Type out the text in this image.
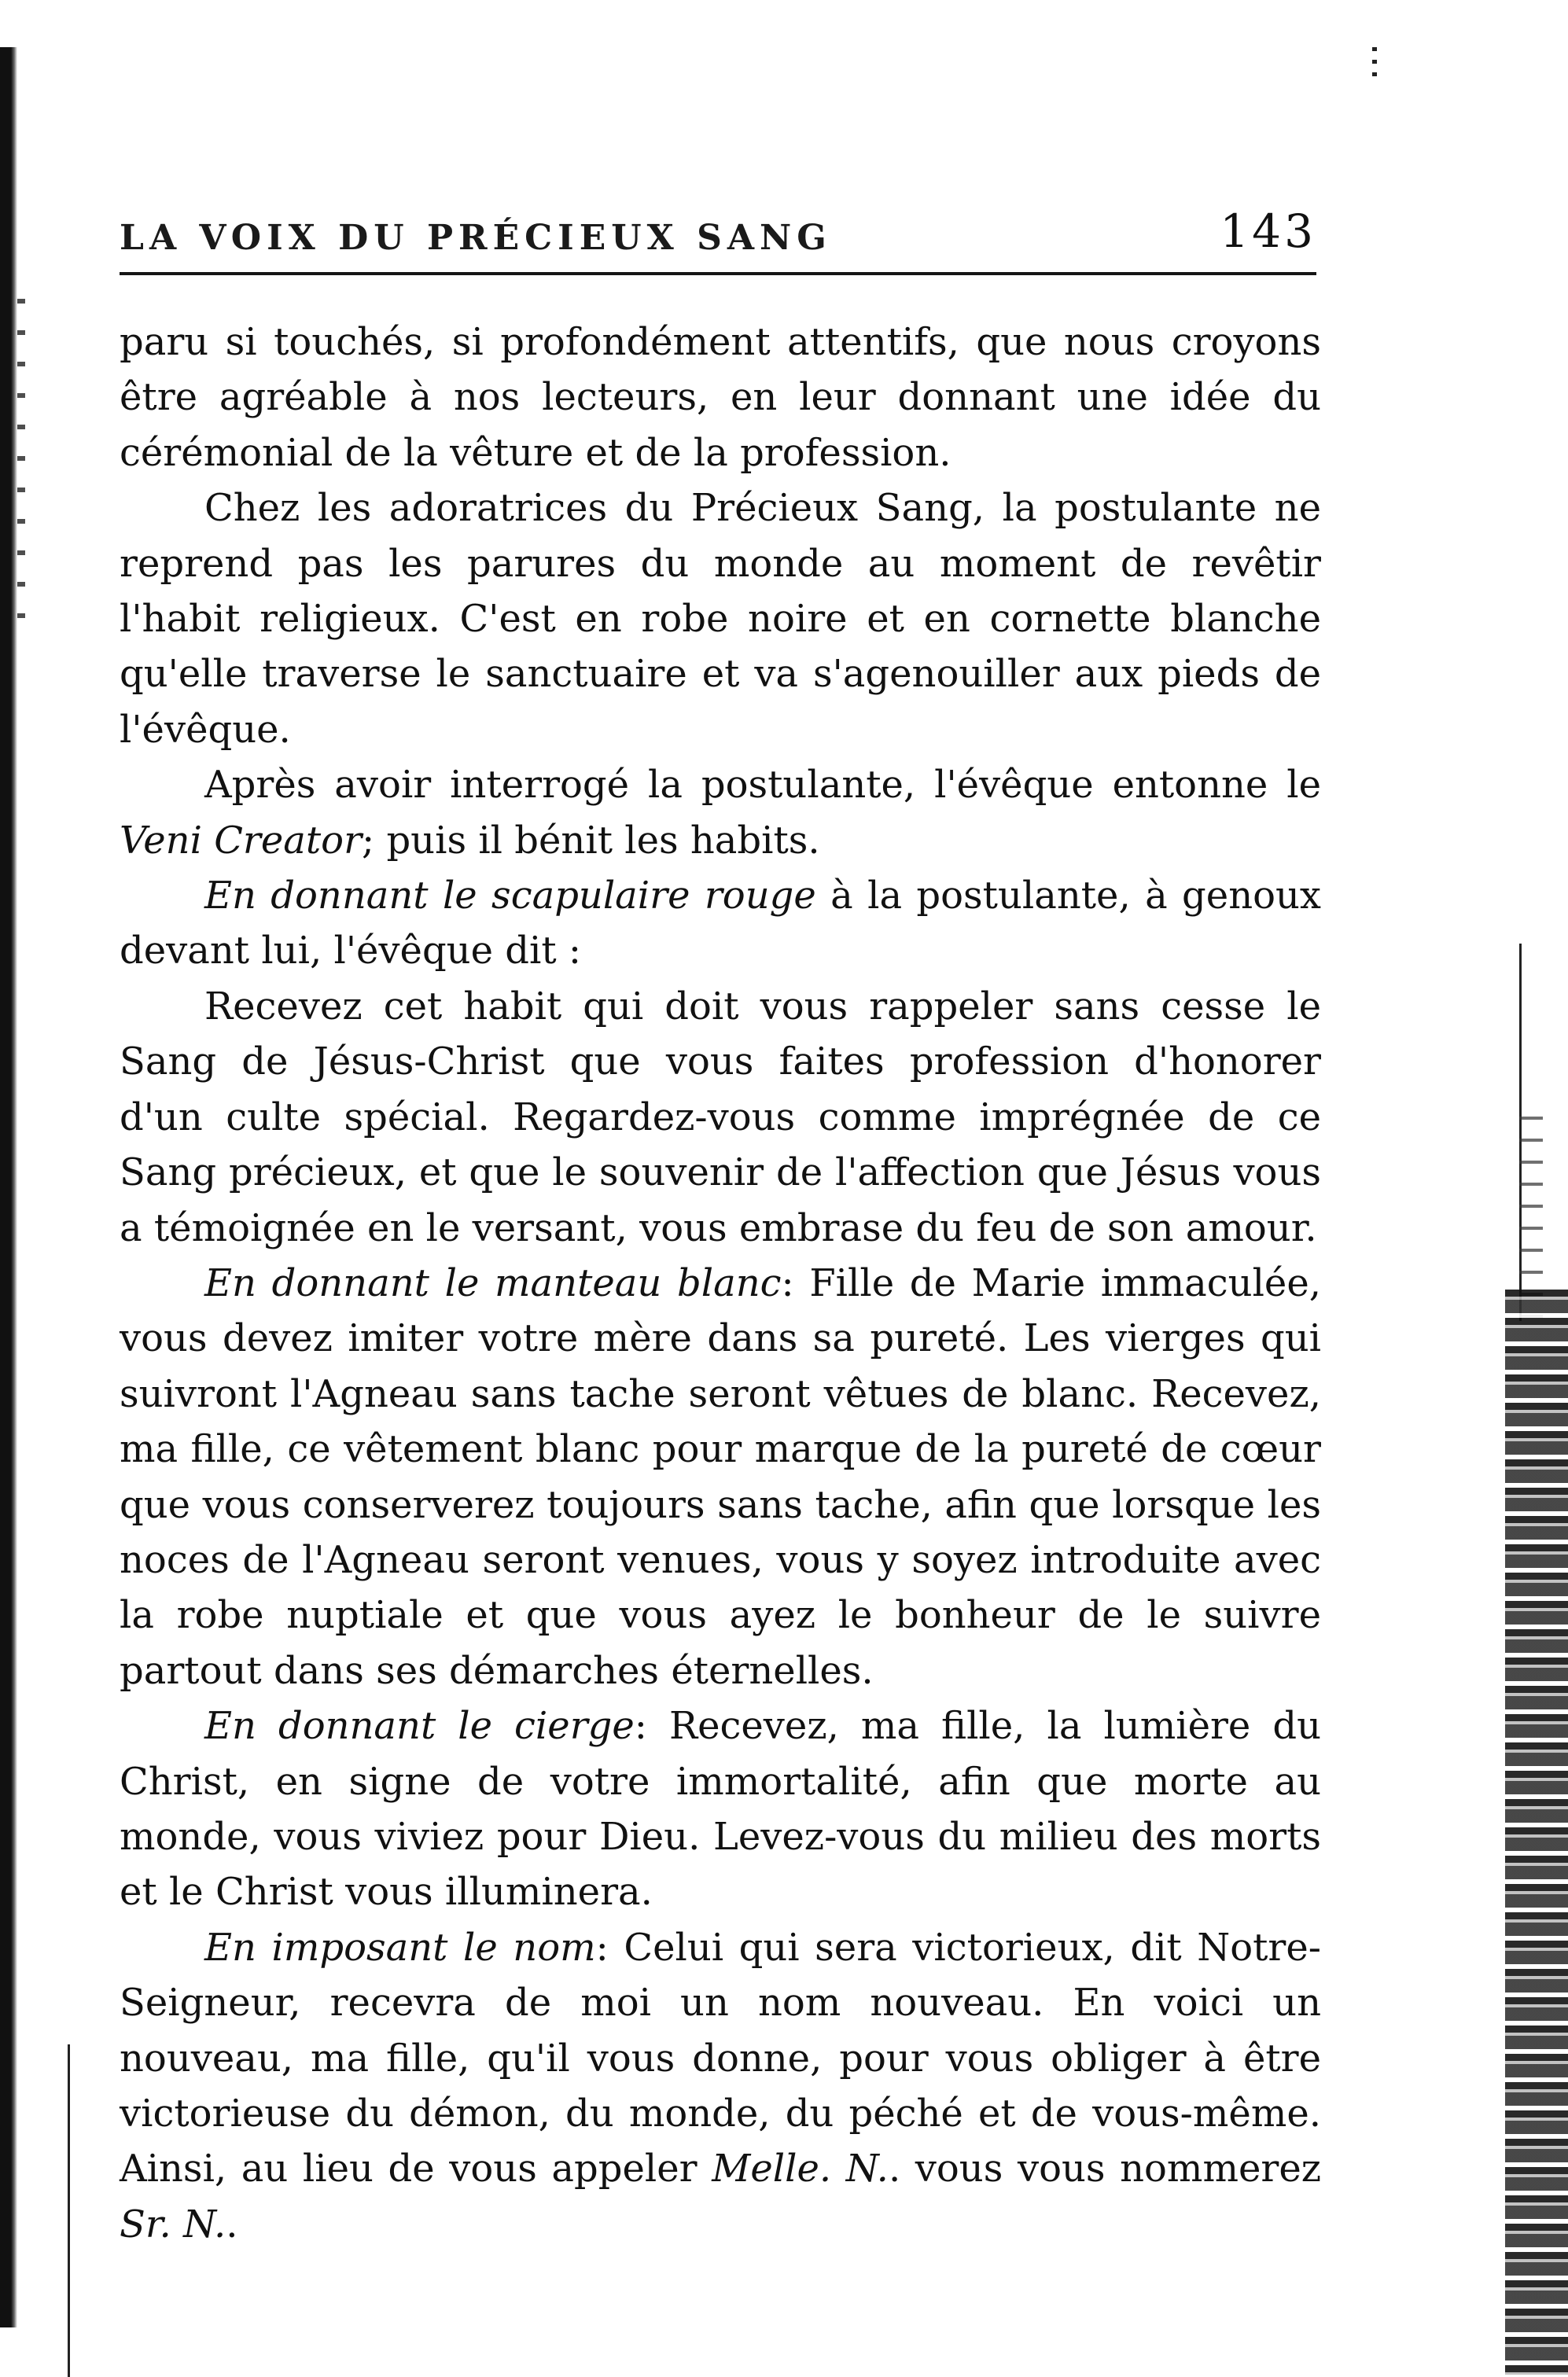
LA VOIX DU PRÉCIEUX SANG	143

paru si touchés, si profondément attentifs, que nous croyons être agréable à nos lecteurs, en leur donnant une idée du cérémonial de la vêture et de la profession.

Chez les adoratrices du Précieux Sang, la postulante ne reprend pas les parures du monde au moment de revêtir l'habit religieux. C'est en robe noire et en cornette blanche qu'elle traverse le sanctuaire et va s'agenouiller aux pieds de l'évêque.

Après avoir interrogé la postulante, l'évêque entonne le Veni Creator; puis il bénit les habits.

En donnant le scapulaire rouge à la postulante, à genoux devant lui, l'évêque dit :

Recevez cet habit qui doit vous rappeler sans cesse le Sang de Jésus-Christ que vous faites profession d'honorer d'un culte spécial. Regardez-vous comme imprégnée de ce Sang précieux, et que le souvenir de l'affection que Jésus vous a témoignée en le versant, vous embrase du feu de son amour.

En donnant le manteau blanc: Fille de Marie immaculée, vous devez imiter votre mère dans sa pureté. Les vierges qui suivront l'Agneau sans tache seront vêtues de blanc. Recevez, ma fille, ce vêtement blanc pour marque de la pureté de cœur que vous conserverez toujours sans tache, afin que lorsque les noces de l'Agneau seront venues, vous y soyez introduite avec la robe nuptiale et que vous ayez le bonheur de le suivre partout dans ses démarches éternelles.

En donnant le cierge: Recevez, ma fille, la lumière du Christ, en signe de votre immortalité, afin que morte au monde, vous viviez pour Dieu. Levez-vous du milieu des morts et le Christ vous illuminera.

En imposant le nom: Celui qui sera victorieux, dit Notre-Seigneur, recevra de moi un nom nouveau. En voici un nouveau, ma fille, qu'il vous donne, pour vous obliger à être victorieuse du démon, du monde, du péché et de vous-même. Ainsi, au lieu de vous appeler Melle. N.. vous vous nommerez Sr. N..
